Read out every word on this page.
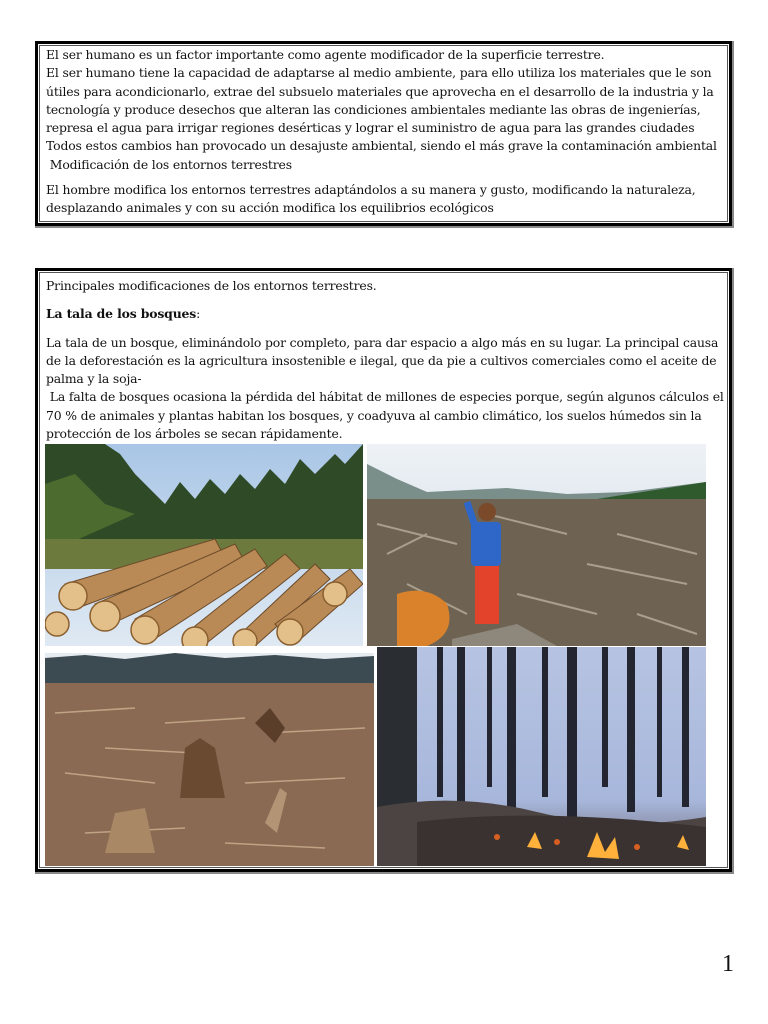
El ser humano es un factor importante como agente modificador de la superficie terrestre.
El ser humano tiene la capacidad de adaptarse al medio ambiente, para ello utiliza los materiales que le son
útiles para acondicionarlo, extrae del subsuelo materiales que aprovecha en el desarrollo de la industria y la
tecnología y produce desechos que alteran las condiciones ambientales mediante las obras de ingenierías,
represa el agua para irrigar regiones desérticas y lograr el suministro de agua para las grandes ciudades
Todos estos cambios han provocado un desajuste ambiental, siendo el más grave la contaminación ambiental
Modificación de los entornos terrestres
El hombre modifica los entornos terrestres adaptándolos a su manera y gusto, modificando la naturaleza,
desplazando animales y con su acción modifica los equilibrios ecológicos
Principales modificaciones de los entornos terrestres.
La tala de los bosques:
La tala de un bosque, eliminándolo por completo, para dar espacio a algo más en su lugar. La principal causa
de la deforestación es la agricultura insostenible e ilegal, que da pie a cultivos comerciales como el aceite de
palma y la soja-
La falta de bosques ocasiona la pérdida del hábitat de millones de especies porque, según algunos cálculos el
70 % de animales y plantas habitan los bosques, y coadyuva al cambio climático, los suelos húmedos sin la
protección de los árboles se secan rápidamente.
1
